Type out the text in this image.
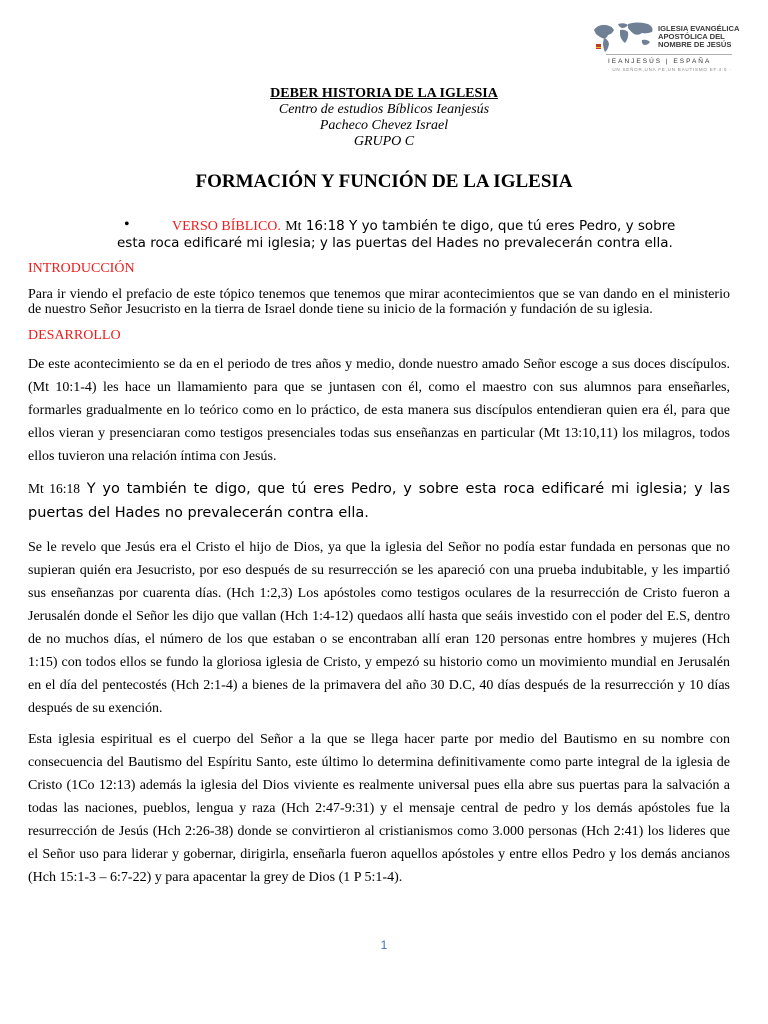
IGLESIA EVANGÉLICA
APOSTÓLICA DEL
NOMBRE DE JESÚS
IEANJESÚS | ESPAÑA
· UN SEÑOR,UNA FE,UN BAUTISMO EF.4:5 ·
DEBER HISTORIA DE LA IGLESIA
Centro de estudios Bíblicos Ieanjesús
Pacheco Chevez Israel
GRUPO C
FORMACIÓN Y FUNCIÓN DE LA IGLESIA
•	VERSO BÍBLICO. Mt 16:18 Y yo también te digo, que tú eres Pedro, y sobre
esta roca edificaré mi iglesia; y las puertas del Hades no prevalecerán contra ella.
INTRODUCCIÓN
Para ir viendo el prefacio de este tópico tenemos que tenemos que mirar acontecimientos que se van dando en el ministerio de nuestro Señor Jesucristo en la tierra de Israel donde tiene su inicio de la formación y fundación de su iglesia.
DESARROLLO
De este acontecimiento se da en el periodo de tres años y medio, donde nuestro amado Señor escoge a sus doces discípulos. (Mt 10:1-4) les hace un llamamiento para que se juntasen con él, como el maestro con sus alumnos para enseñarles, formarles gradualmente en lo teórico como en lo práctico, de esta manera sus discípulos entendieran quien era él, para que ellos vieran y presenciaran como testigos presenciales todas sus enseñanzas en particular (Mt 13:10,11) los milagros, todos ellos tuvieron una relación íntima con Jesús.
Mt 16:18 Y yo también te digo, que tú eres Pedro, y sobre esta roca edificaré mi iglesia; y las puertas del Hades no prevalecerán contra ella.
Se le revelo que Jesús era el Cristo el hijo de Dios, ya que la iglesia del Señor no podía estar fundada en personas que no supieran quién era Jesucristo, por eso después de su resurrección se les apareció con una prueba indubitable, y les impartió sus enseñanzas por cuarenta días. (Hch 1:2,3) Los apóstoles como testigos oculares de la resurrección de Cristo fueron a Jerusalén donde el Señor les dijo que vallan (Hch 1:4-12) quedaos allí hasta que seáis investido con el poder del E.S, dentro de no muchos días, el número de los que estaban o se encontraban allí eran 120 personas entre hombres y mujeres (Hch 1:15) con todos ellos se fundo la gloriosa iglesia de Cristo, y empezó su historio como un movimiento mundial en Jerusalén en el día del pentecostés (Hch 2:1-4) a bienes de la primavera del año 30 D.C, 40 días después de la resurrección y 10 días después de su exención.
Esta iglesia espiritual es el cuerpo del Señor a la que se llega hacer parte por medio del Bautismo en su nombre con consecuencia del Bautismo del Espíritu Santo, este último lo determina definitivamente como parte integral de la iglesia de Cristo (1Co 12:13) además la iglesia del Dios viviente es realmente universal pues ella abre sus puertas para la salvación a todas las naciones, pueblos, lengua y raza (Hch 2:47-9:31) y el mensaje central de pedro y los demás apóstoles fue la resurrección de Jesús (Hch 2:26-38) donde se convirtieron al cristianismos como 3.000 personas (Hch 2:41) los lideres que el Señor uso para liderar y gobernar, dirigirla, enseñarla fueron aquellos apóstoles y entre ellos Pedro y los demás ancianos (Hch 15:1-3 – 6:7-22) y para apacentar la grey de Dios (1 P 5:1-4).
1
